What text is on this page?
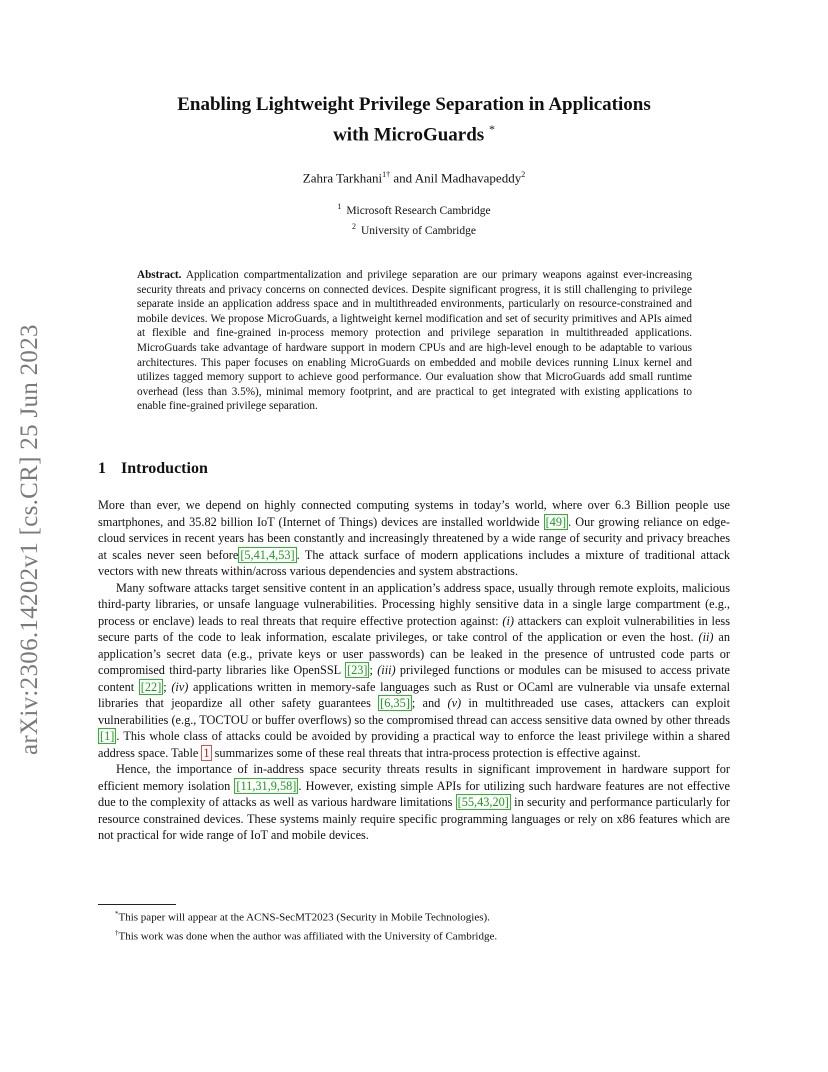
arXiv:2306.14202v1 [cs.CR] 25 Jun 2023
Enabling Lightweight Privilege Separation in Applications
with MicroGuards *
Zahra Tarkhani$^{1\dagger}$ and Anil Madhavapeddy$^2$
$^1$ Microsoft Research Cambridge
$^2$ University of Cambridge
Abstract. Application compartmentalization and privilege separation are our primary weapons against ever-increasing security threats and privacy concerns on connected devices. Despite significant progress, it is still challenging to privilege separate inside an application address space and in multithreaded environments, particularly on resource-constrained and mobile devices. We propose MicroGuards, a lightweight kernel modification and set of security primitives and APIs aimed at flexible and fine-grained in-process memory protection and privilege separation in multithreaded applications. MicroGuards take advantage of hardware support in modern CPUs and are high-level enough to be adaptable to various architectures. This paper focuses on enabling MicroGuards on embedded and mobile devices running Linux kernel and utilizes tagged memory support to achieve good performance. Our evaluation show that MicroGuards add small runtime overhead (less than 3.5%), minimal memory footprint, and are practical to get integrated with existing applications to enable fine-grained privilege separation.
1 Introduction

More than ever, we depend on highly connected computing systems in today’s world, where over 6.3 Billion people use smartphones, and 35.82 billion IoT (Internet of Things) devices are installed worldwide [49] . Our growing reliance on edge-cloud services in recent years has been constantly and increasingly threatened by a wide range of security and privacy breaches at scales never seen before [5,41,4,53] . The attack surface of modern applications includes a mixture of traditional attack vectors with new threats within/across various dependencies and system abstractions.

Many software attacks target sensitive content in an application’s address space, usually through remote exploits, malicious third-party libraries, or unsafe language vulnerabilities. Processing highly sensitive data in a single large compartment (e.g., process or enclave) leads to real threats that require effective protection against: (i) attackers can exploit vulnerabilities in less secure parts of the code to leak information, escalate privileges, or take control of the application or even the host. (ii) an application’s secret data (e.g., private keys or user passwords) can be leaked in the presence of untrusted code parts or compromised third-party libraries like OpenSSL [23] ; (iii) privileged functions or modules can be misused to access private content [22] ; (iv) applications written in memory-safe languages such as Rust or OCaml are vulnerable via unsafe external libraries that jeopardize all other safety guarantees [6,35] ; and (v) in multithreaded use cases, attackers can exploit vulnerabilities (e.g., TOCTOU or buffer overflows) so the compromised thread can access sensitive data owned by other threads [1] . This whole class of attacks could be avoided by providing a practical way to enforce the least privilege within a shared address space. Table 1 summarizes some of these real threats that intra-process protection is effective against.

Hence, the importance of in-address space security threats results in significant improvement in hardware support for efficient memory isolation [11,31,9,58] . However, existing simple APIs for utilizing such hardware features are not effective due to the complexity of attacks as well as various hardware limitations [55,43,20] in security and performance particularly for resource constrained devices. These systems mainly require specific programming languages or rely on x86 features which are not practical for wide range of IoT and mobile devices.

*This paper will appear at the ACNS-SecMT2023 (Security in Mobile Technologies).
†This work was done when the author was affiliated with the University of Cambridge.
